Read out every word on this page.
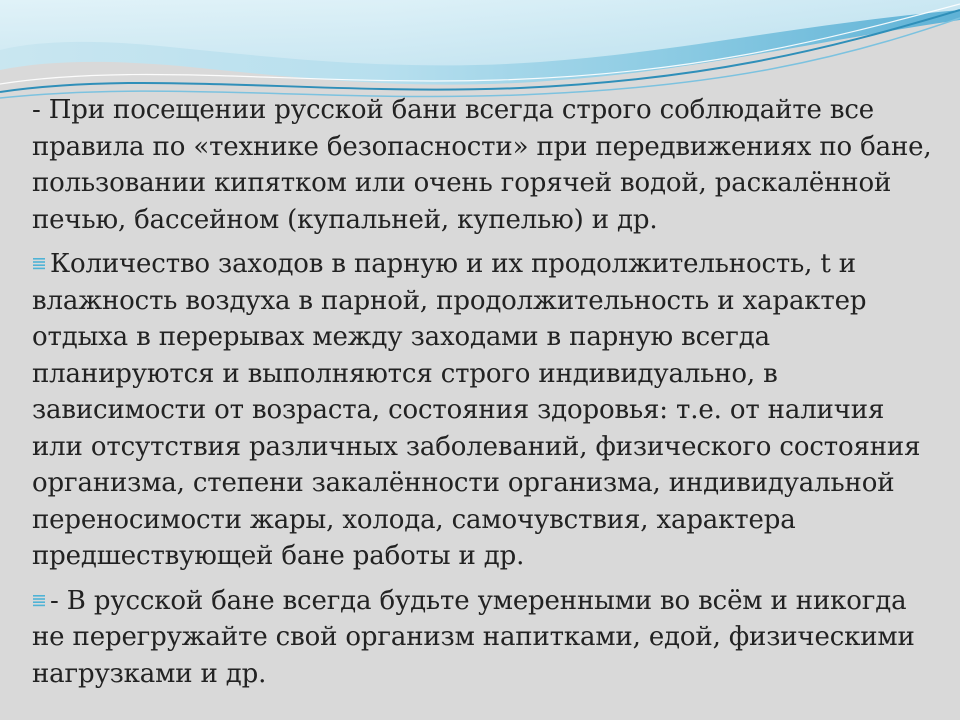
- При посещении русской бани всегда строго соблюдайте все правила по «технике безопасности» при передвижениях по бане, пользовании кипятком или очень горячей водой, раскалённой печью, бассейном (купальней, купелью) и др.

Количество заходов в парную и их продолжительность, t и влажность воздуха в парной, продолжительность и характер отдыха в перерывах между заходами в парную всегда планируются и выполняются строго индивидуально, в зависимости от возраста, состояния здоровья: т.е. от наличия или отсутствия различных заболеваний, физического состояния организма, степени закалённости организма, индивидуальной переносимости жары, холода, самочувствия, характера предшествующей бане работы и др.

- В русской бане всегда будьте умеренными во всём и никогда не перегружайте свой организм напитками, едой, физическими нагрузками и др.
